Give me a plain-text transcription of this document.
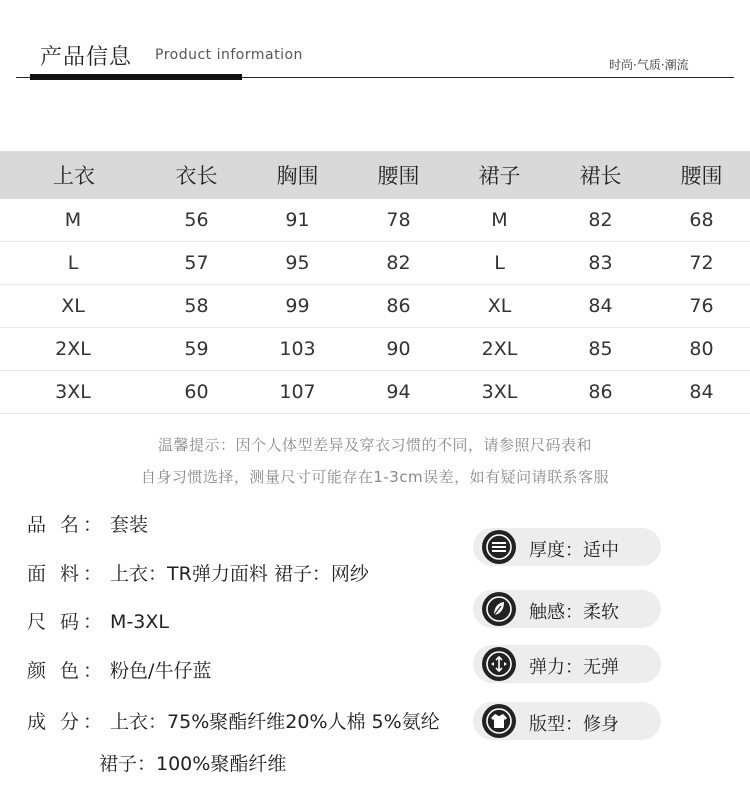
产品信息 Product information
时尚·气质·潮流
上衣	衣长	胸围	腰围	裙子	裙长	腰围
M	56	91	78	M	82	68
L	57	95	82	L	83	72
XL	58	99	86	XL	84	76
2XL	59	103	90	2XL	85	80
3XL	60	107	94	3XL	86	84
温馨提示：因个人体型差异及穿衣习惯的不同，请参照尺码表和
自身习惯选择，测量尺寸可能存在1-3cm误差，如有疑问请联系客服
品 名： 套装
面 料： 上衣：TR弹力面料 裙子：网纱
尺 码： M-3XL
颜 色： 粉色/牛仔蓝
成 分： 上衣：75%聚酯纤维20%人棉 5%氨纶
裙子：100%聚酯纤维
厚度：适中
触感：柔软
弹力：无弹
版型：修身
